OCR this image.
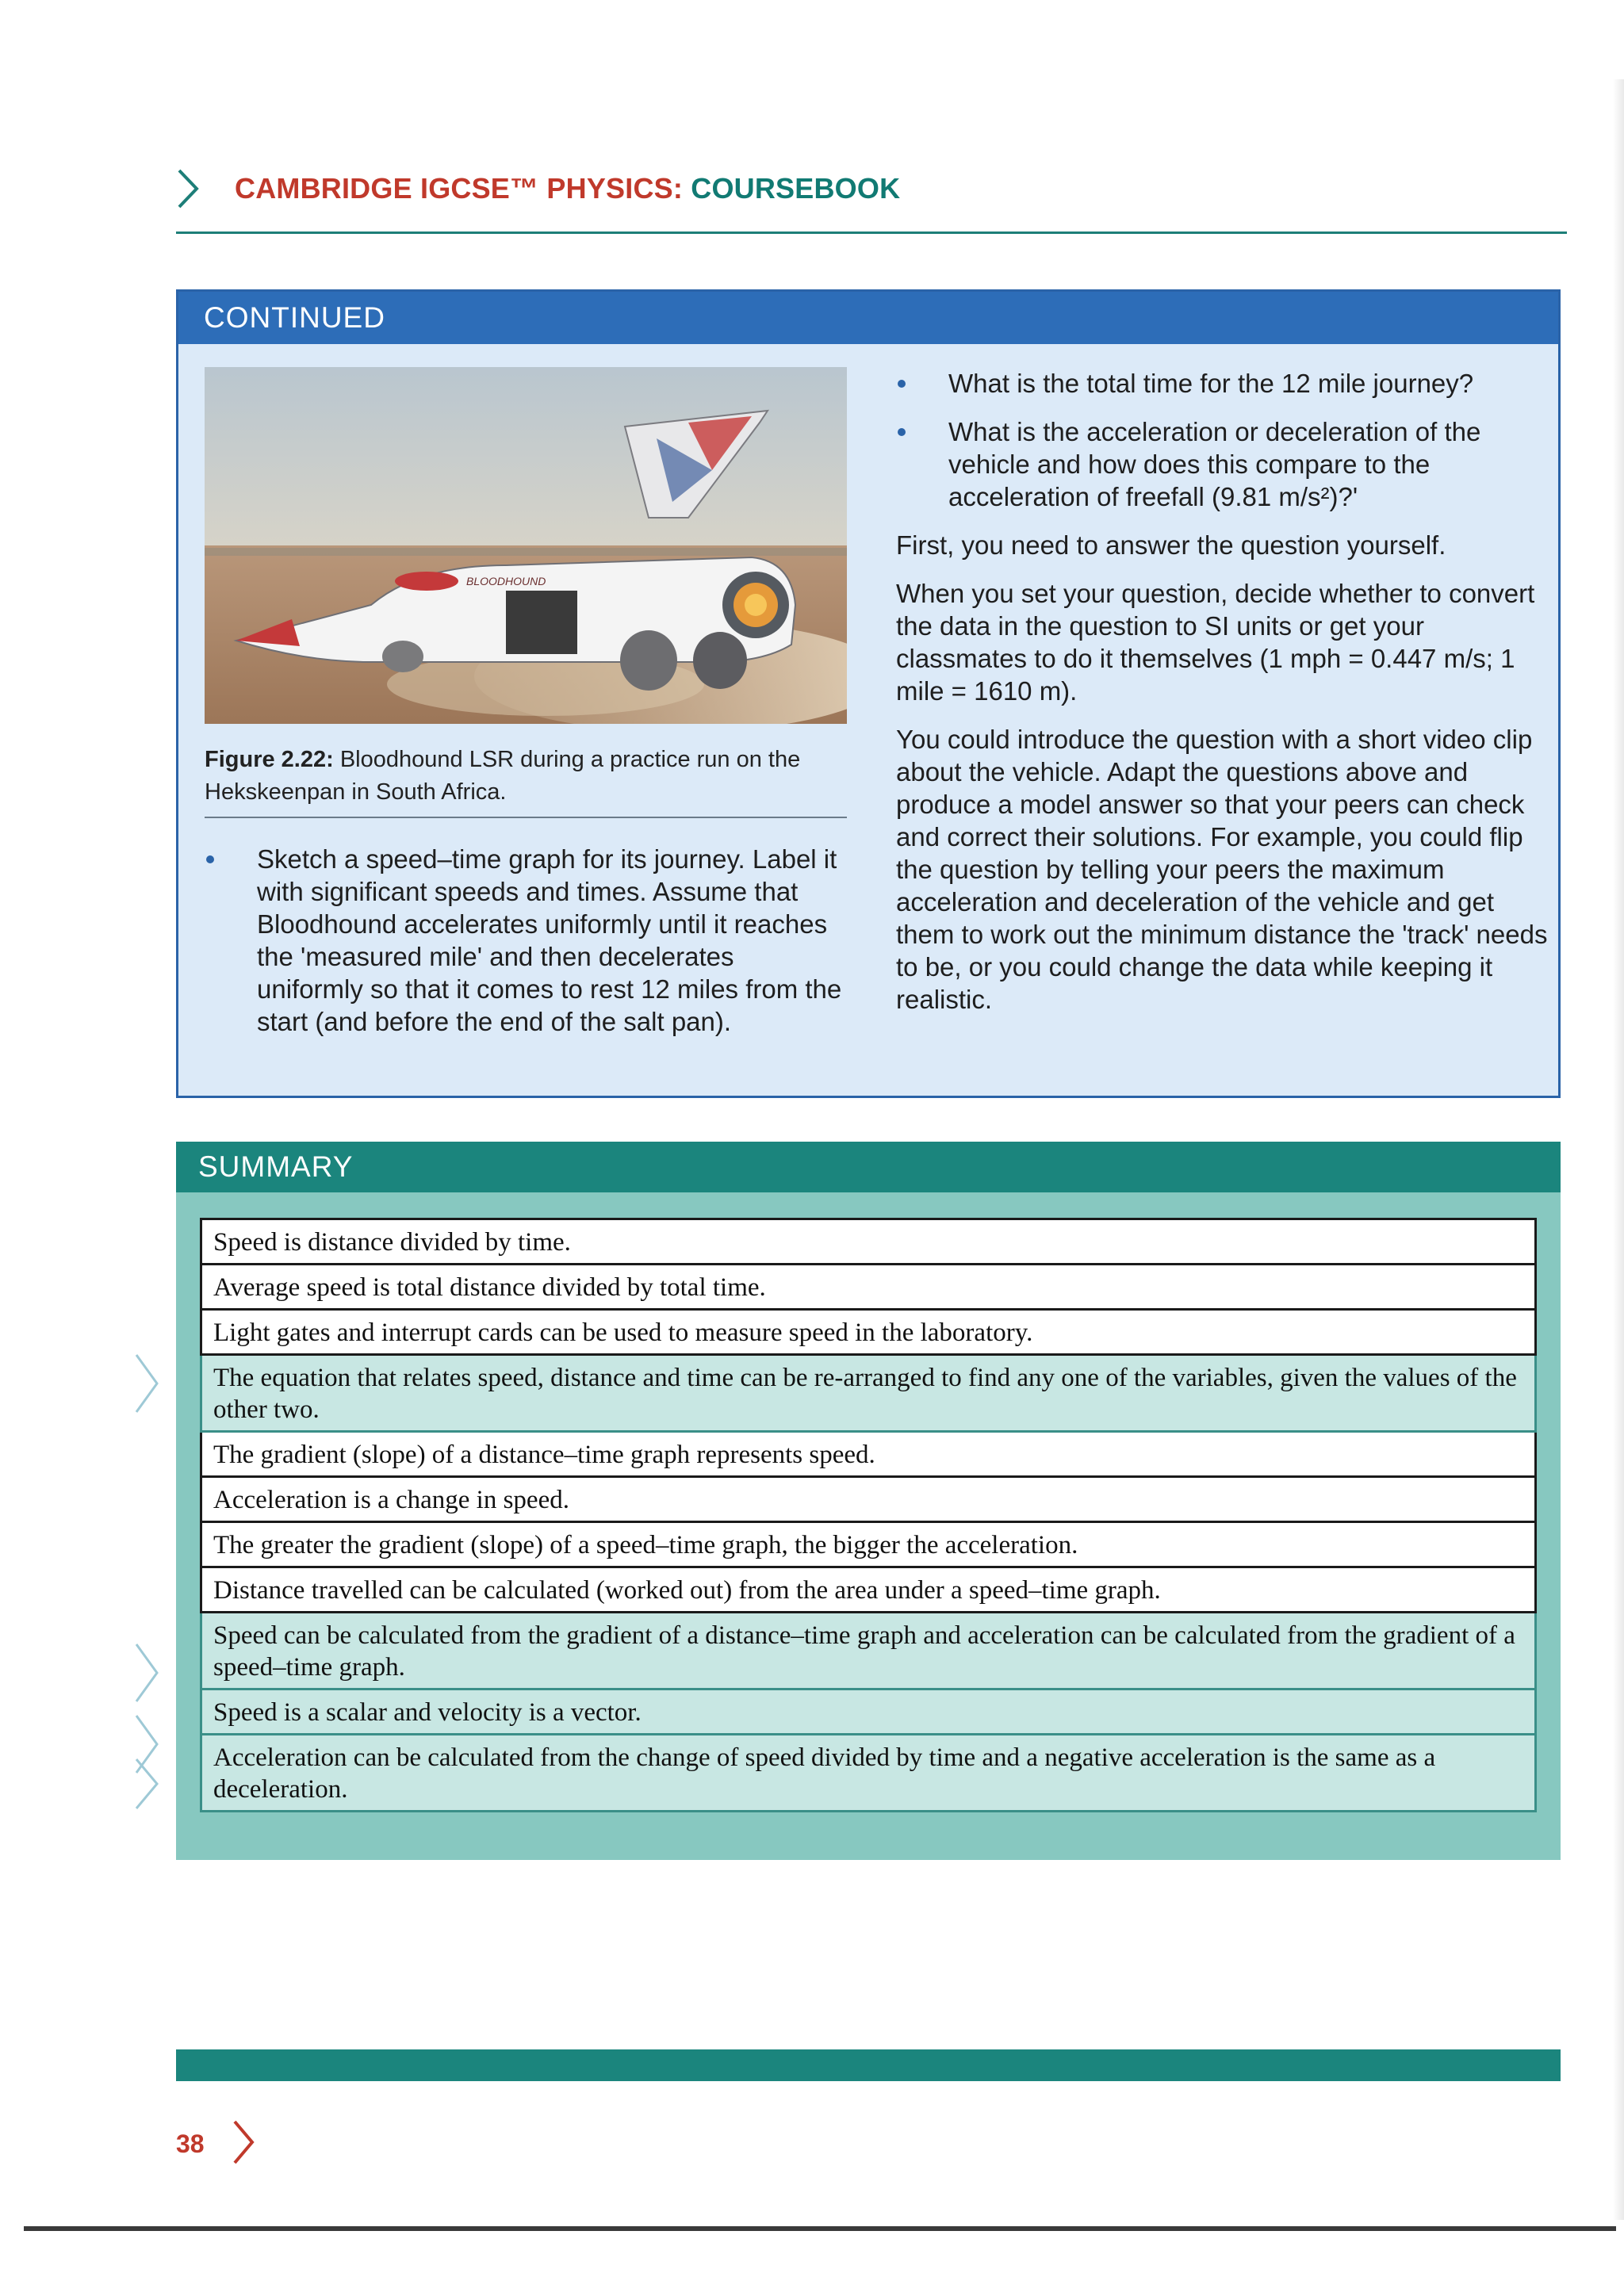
CAMBRIDGE IGCSE™ PHYSICS: COURSEBOOK
CONTINUED
BLOODHOUND
Figure 2.22: Bloodhound LSR during a practice run on the Hekskeenpan in South Africa.
Sketch a speed–time graph for its journey. Label it with significant speeds and times. Assume that Bloodhound accelerates uniformly until it reaches the 'measured mile' and then decelerates uniformly so that it comes to rest 12 miles from the start (and before the end of the salt pan).
What is the total time for the 12 mile journey?
What is the acceleration or deceleration of the vehicle and how does this compare to the acceleration of freefall (9.81 m/s²)?'

First, you need to answer the question yourself.

When you set your question, decide whether to convert the data in the question to SI units or get your classmates to do it themselves (1 mph = 0.447 m/s; 1 mile = 1610 m).

You could introduce the question with a short video clip about the vehicle. Adapt the questions above and produce a model answer so that your peers can check and correct their solutions. For example, you could flip the question by telling your peers the maximum acceleration and deceleration of the vehicle and get them to work out the minimum distance the 'track' needs to be, or you could change the data while keeping it realistic.

SUMMARY
Speed is distance divided by time.
Average speed is total distance divided by total time.
Light gates and interrupt cards can be used to measure speed in the laboratory.
The equation that relates speed, distance and time can be re-arranged to find any one of the variables, given the values of the other two.
The gradient (slope) of a distance–time graph represents speed.
Acceleration is a change in speed.
The greater the gradient (slope) of a speed–time graph, the bigger the acceleration.
Distance travelled can be calculated (worked out) from the area under a speed–time graph.
Speed can be calculated from the gradient of a distance–time graph and acceleration can be calculated from the gradient of a speed–time graph.
Speed is a scalar and velocity is a vector.
Acceleration can be calculated from the change of speed divided by time and a negative acceleration is the same as a deceleration.
38
